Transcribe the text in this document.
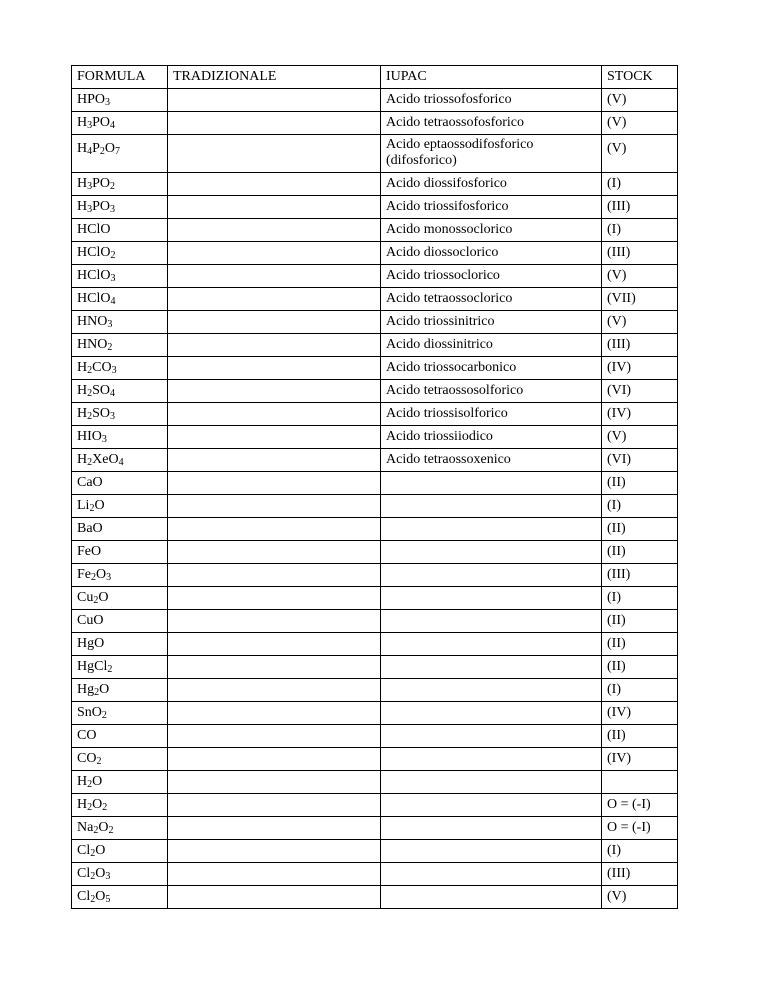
FORMULA	TRADIZIONALE	IUPAC	STOCK
$HPO_3$		Acido triossofosforico	(V)
$H_3PO_4$		Acido tetraossofosforico	(V)
$H_4P_2O_7$		Acido eptaossodifosforico (difosforico)	(V)
$H_3PO_2$		Acido diossifosforico	(I)
$H_3PO_3$		Acido triossifosforico	(III)
HClO		Acido monossoclorico	(I)
HClO$_2$		Acido diossoclorico	(III)
HClO$_3$		Acido triossoclorico	(V)
HClO$_4$		Acido tetraossoclorico	(VII)
$HNO_3$		Acido triossinitrico	(V)
$HNO_2$		Acido diossinitrico	(III)
$H_2CO_3$		Acido triossocarbonico	(IV)
$H_2SO_4$		Acido tetraossosolforico	(VI)
$H_2SO_3$		Acido triossisolforico	(IV)
$HIO_3$		Acido triossiiodico	(V)
$H_2XeO_4$		Acido tetraossoxenico	(VI)
CaO			(II)
$Li_2O$			(I)
BaO			(II)
FeO			(II)
$Fe_2O_3$			(III)
$Cu_2O$			(I)
CuO			(II)
HgO			(II)
HgCl$_2$			(II)
$Hg_2O$			(I)
SnO$_2$			(IV)
CO			(II)
$CO_2$			(IV)
$H_2O$			
$H_2O_2$			O = (-I)
$Na_2O_2$			O = (-I)
$Cl_2O$			(I)
$Cl_2O_3$			(III)
$Cl_2O_5$			(V)
